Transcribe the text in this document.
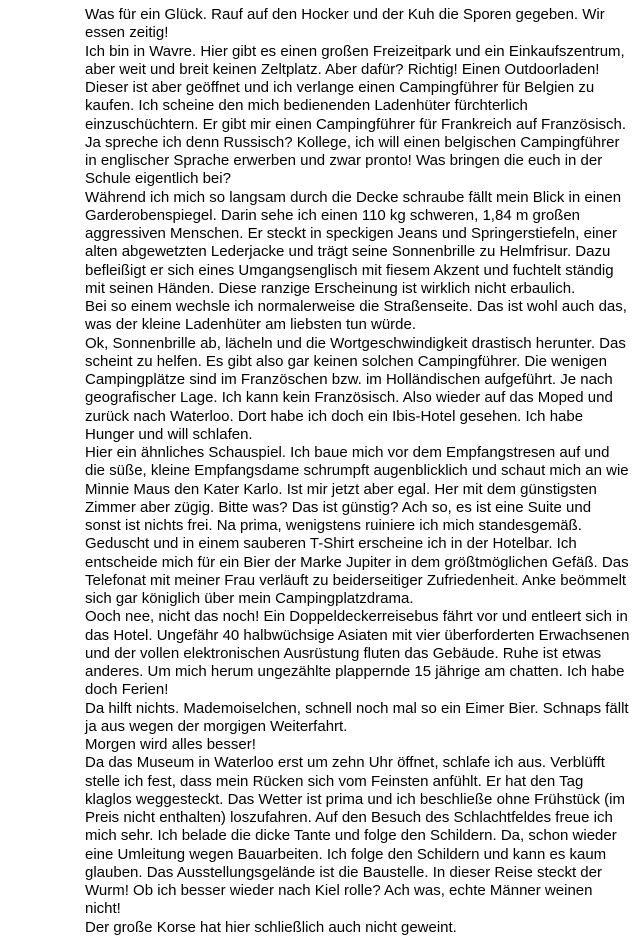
Was für ein Glück. Rauf auf den Hocker und der Kuh die Sporen gegeben. Wir essen zeitig!

Ich bin in Wavre. Hier gibt es einen großen Freizeitpark und ein Einkaufszentrum, aber weit und breit keinen Zeltplatz. Aber dafür? Richtig! Einen Outdoorladen!

Dieser ist aber geöffnet und ich verlange einen Campingführer für Belgien zu kaufen. Ich scheine den mich bedienenden Ladenhüter fürchterlich einzuschüchtern. Er gibt mir einen Campingführer für Frankreich auf Französisch. Ja spreche ich denn Russisch? Kollege, ich will einen belgischen Campingführer in englischer Sprache erwerben und zwar pronto! Was bringen die euch in der Schule eigentlich bei?

Während ich mich so langsam durch die Decke schraube fällt mein Blick in einen Garderobenspiegel. Darin sehe ich einen 110 kg schweren, 1,84 m großen aggressiven Menschen. Er steckt in speckigen Jeans und Springerstiefeln, einer alten abgewetzten Lederjacke und trägt seine Sonnenbrille zu Helmfrisur. Dazu befleißigt er sich eines Umgangsenglisch mit fiesem Akzent und fuchtelt ständig mit seinen Händen. Diese ranzige Erscheinung ist wirklich nicht erbaulich.

Bei so einem wechsle ich normalerweise die Straßenseite. Das ist wohl auch das, was der kleine Ladenhüter am liebsten tun würde.

Ok, Sonnenbrille ab, lächeln und die Wortgeschwindigkeit drastisch herunter. Das scheint zu helfen. Es gibt also gar keinen solchen Campingführer. Die wenigen Campingplätze sind im Französchen bzw. im Holländischen aufgeführt. Je nach geografischer Lage. Ich kann kein Französisch. Also wieder auf das Moped und zurück nach Waterloo. Dort habe ich doch ein Ibis-Hotel gesehen. Ich habe Hunger und will schlafen.

Hier ein ähnliches Schauspiel. Ich baue mich vor dem Empfangstresen auf und die süße, kleine Empfangsdame schrumpft augenblicklich und schaut mich an wie Minnie Maus den Kater Karlo. Ist mir jetzt aber egal. Her mit dem günstigsten Zimmer aber zügig. Bitte was? Das ist günstig? Ach so, es ist eine Suite und sonst ist nichts frei. Na prima, wenigstens ruiniere ich mich standesgemäß.

Geduscht und in einem sauberen T-Shirt erscheine ich in der Hotelbar. Ich entscheide mich für ein Bier der Marke Jupiter in dem größtmöglichen Gefäß. Das Telefonat mit meiner Frau verläuft zu beiderseitiger Zufriedenheit. Anke beömmelt sich gar königlich über mein Campingplatzdrama.

Ooch nee, nicht das noch! Ein Doppeldeckerreisebus fährt vor und entleert sich in das Hotel. Ungefähr 40 halbwüchsige Asiaten mit vier überforderten Erwachsenen und der vollen elektronischen Ausrüstung fluten das Gebäude. Ruhe ist etwas anderes. Um mich herum ungezählte plappernde 15 jährige am chatten. Ich habe doch Ferien!

Da hilft nichts. Mademoiselchen, schnell noch mal so ein Eimer Bier. Schnaps fällt ja aus wegen der morgigen Weiterfahrt.

Morgen wird alles besser!

Da das Museum in Waterloo erst um zehn Uhr öffnet, schlafe ich aus. Verblüfft stelle ich fest, dass mein Rücken sich vom Feinsten anfühlt. Er hat den Tag klaglos weggesteckt. Das Wetter ist prima und ich beschließe ohne Frühstück (im Preis nicht enthalten) loszufahren. Auf den Besuch des Schlachtfeldes freue ich mich sehr. Ich belade die dicke Tante und folge den Schildern. Da, schon wieder eine Umleitung wegen Bauarbeiten. Ich folge den Schildern und kann es kaum glauben. Das Ausstellungsgelände ist die Baustelle. In dieser Reise steckt der Wurm! Ob ich besser wieder nach Kiel rolle? Ach was, echte Männer weinen nicht!

Der große Korse hat hier schließlich auch nicht geweint.
